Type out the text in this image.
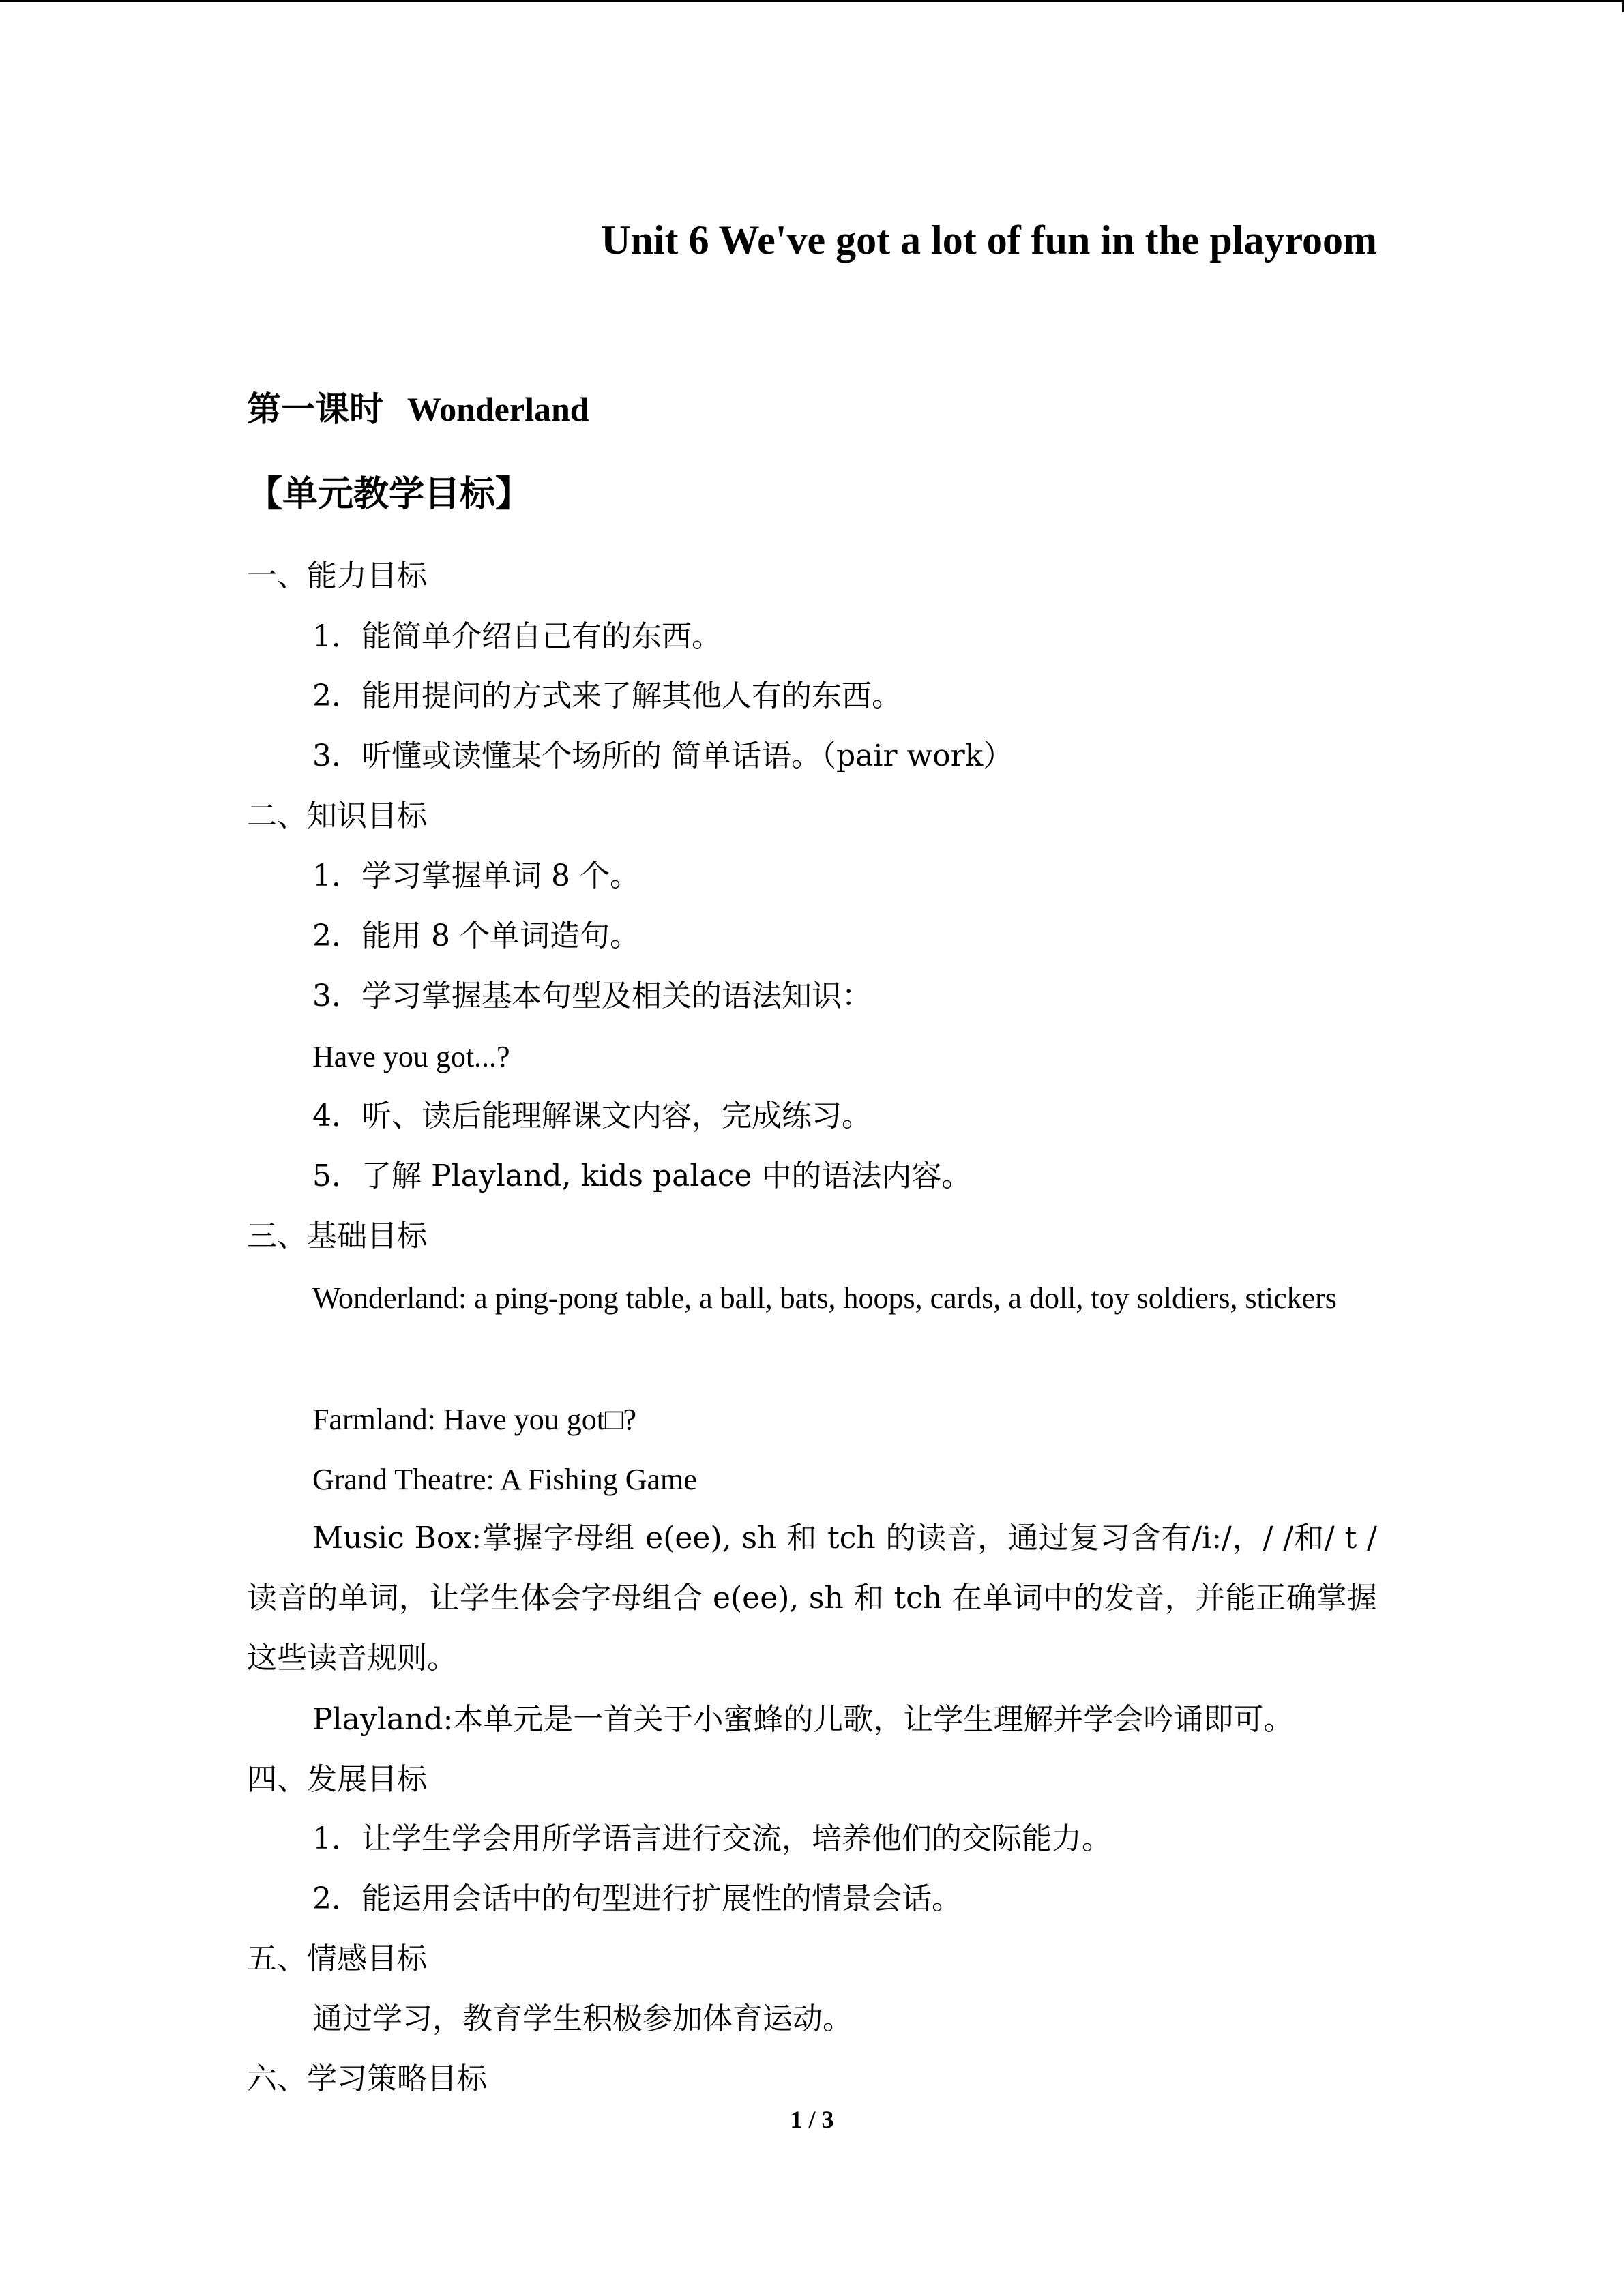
Unit 6 We've got a lot of fun in the playroom
第一课时 Wonderland
【单元教学目标】
一、能力目标
1．能简单介绍自己有的东西。
2．能用提问的方式来了解其他人有的东西。
3．听懂或读懂某个场所的 简单话语。（pair work）
二、知识目标
1．学习掌握单词 8 个。
2．能用 8 个单词造句。
3．学习掌握基本句型及相关的语法知识：
Have you got...?
4．听、读后能理解课文内容，完成练习。
5．了解 Playland, kids palace 中的语法内容。
三、基础目标
Wonderland: a ping-pong table, a ball, bats, hoops, cards, a doll, toy soldiers, stickers
Farmland: Have you got□?
Grand Theatre: A Fishing Game
Music Box:掌握字母组 e(ee), sh 和 tch 的读音，通过复习含有/i:/，/ /和/ t / 读音的单词，让学生体会字母组合 e(ee), sh 和 tch 在单词中的发音，并能正确掌握这些读音规则。
Playland:本单元是一首关于小蜜蜂的儿歌，让学生理解并学会吟诵即可。
四、发展目标
1．让学生学会用所学语言进行交流，培养他们的交际能力。
2．能运用会话中的句型进行扩展性的情景会话。
五、情感目标
通过学习，教育学生积极参加体育运动。
六、学习策略目标
1 / 3
